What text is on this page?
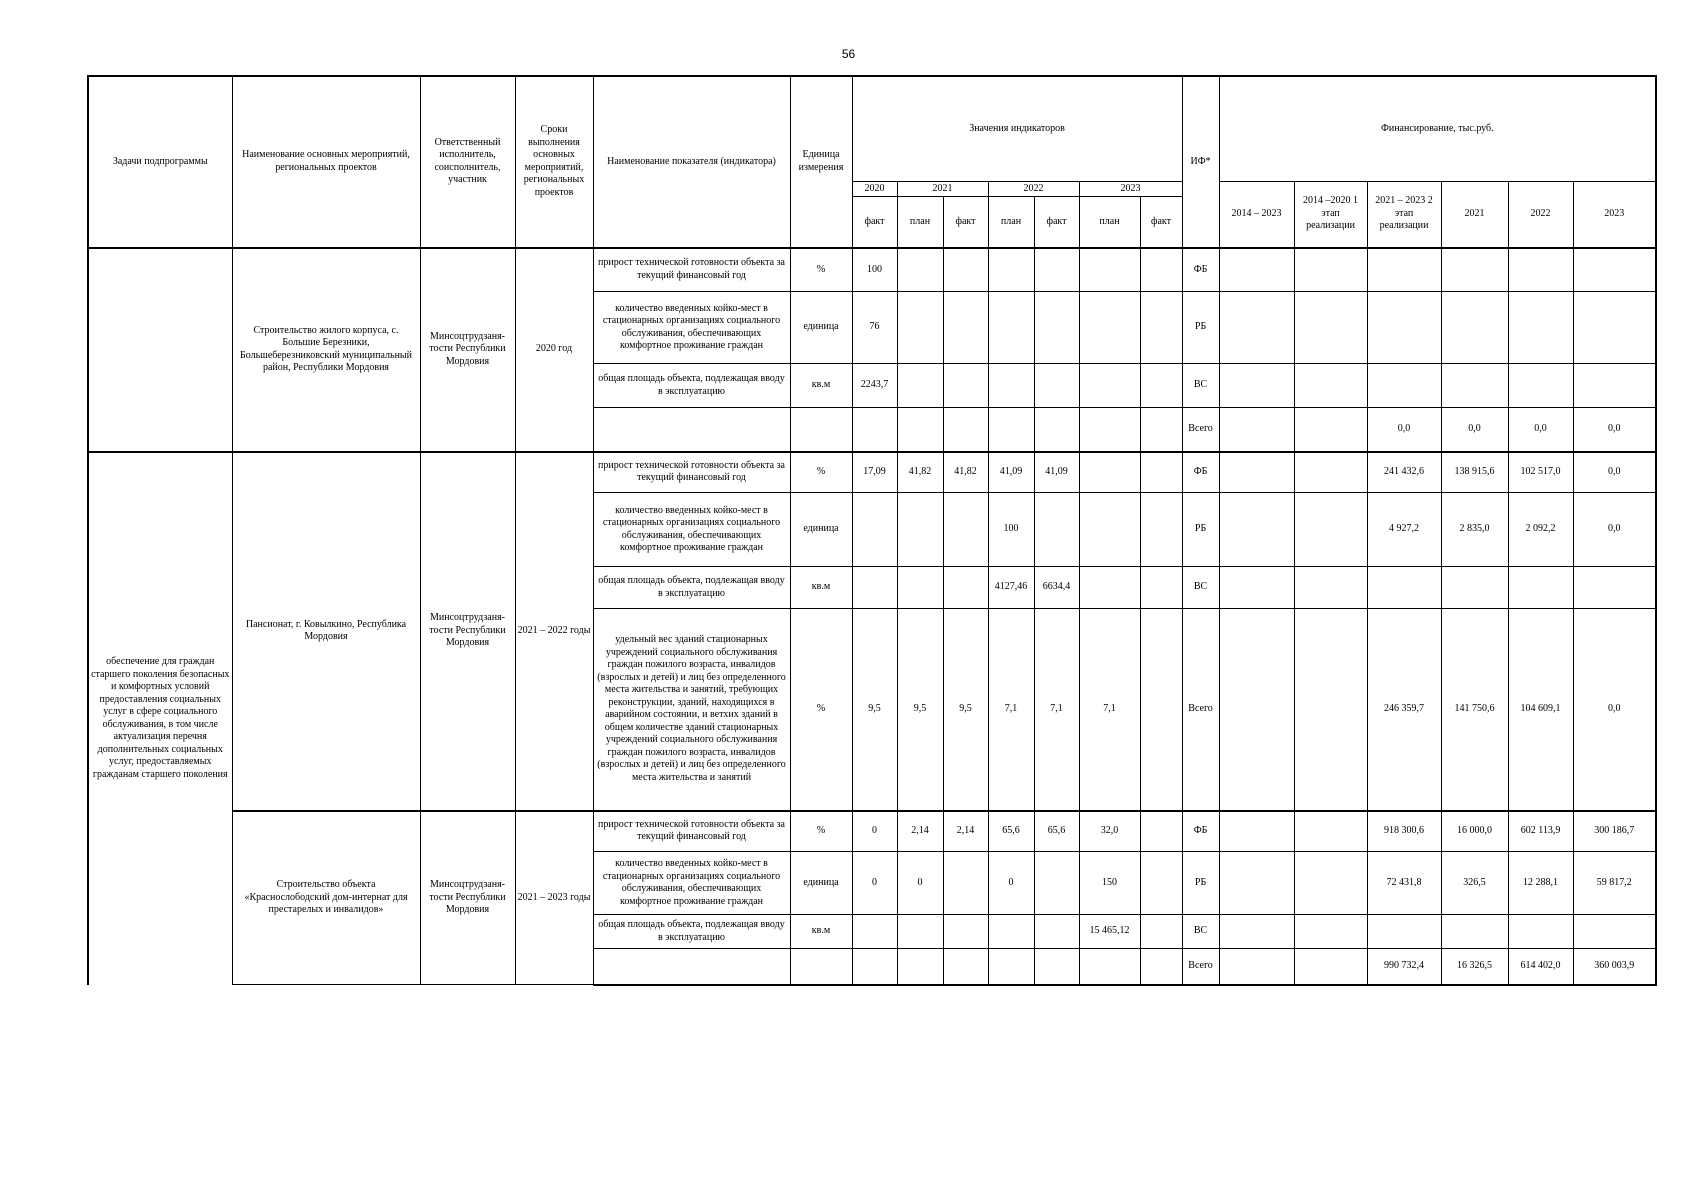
56
Задачи подпрограммы	Наименование основных мероприятий, региональных проектов	Ответственный исполнитель, соисполнитель, участник	Сроки выполнения основных мероприятий, региональных проектов	Наименование показателя (индикатора)	Единица измерения	Значения индикаторов							ИФ*	Финансирование, тыс.руб.					
						2020	2021		2022		2023			2014 – 2023	2014 –2020 1 этап реализации	2021 – 2023 2 этап реализации	2021	2022	2023
						факт	план	факт	план	факт	план	факт							
	Строительство жилого корпуса, с. Большие Березники, Большеберезниковский муниципальный район, Республики Мордовия	Минсоцтрудзаня-тости Республики Мордовия	2020 год	прирост технической готовности объекта за текущий финансовый год	%	100							ФБ						
				количество введенных койко-мест в стационарных организациях социального обслуживания, обеспечивающих комфортное проживание граждан	единица	76							РБ						
				общая площадь объекта, подлежащая вводу в эксплуатацию	кв.м	2243,7							ВС						
													Всего			0,0	0,0	0,0	0,0
обеспечение для граждан старшего поколения безопасных и комфортных условий предоставления социальных услуг в сфере социального обслуживания, в том числе актуализация перечня дополнительных социальных услуг, предоставляемых гражданам старшего поколения	Пансионат, г. Ковылкино, Республика Мордовия	Минсоцтрудзаня-тости Республики Мордовия	2021 – 2022 годы	прирост технической готовности объекта за текущий финансовый год	%	17,09	41,82	41,82	41,09	41,09			ФБ			241 432,6	138 915,6	102 517,0	0,0
				количество введенных койко-мест в стационарных организациях социального обслуживания, обеспечивающих комфортное проживание граждан	единица				100				РБ			4 927,2	2 835,0	2 092,2	0,0
				общая площадь объекта, подлежащая вводу в эксплуатацию	кв.м				4127,46	6634,4			ВС						
				удельный вес зданий стационарных учреждений социального обслуживания граждан пожилого возраста, инвалидов (взрослых и детей) и лиц без определенного места жительства и занятий, требующих реконструкции, зданий, находящихся в аварийном состоянии, и ветхих зданий в общем количестве зданий стационарных учреждений социального обслуживания граждан пожилого возраста, инвалидов (взрослых и детей) и лиц без определенного места жительства и занятий	%	9,5	9,5	9,5	7,1	7,1	7,1		Всего			246 359,7	141 750,6	104 609,1	0,0
	Строительство объекта «Краснослободский дом-интернат для престарелых и инвалидов»	Минсоцтрудзаня-тости Республики Мордовия	2021 – 2023 годы	прирост технической готовности объекта за текущий финансовый год	%	0	2,14	2,14	65,6	65,6	32,0		ФБ			918 300,6	16 000,0	602 113,9	300 186,7
				количество введенных койко-мест в стационарных организациях социального обслуживания, обеспечивающих комфортное проживание граждан	единица	0	0		0		150		РБ			72 431,8	326,5	12 288,1	59 817,2
				общая площадь объекта, подлежащая вводу в эксплуатацию	кв.м						15 465,12		ВС						
													Всего			990 732,4	16 326,5	614 402,0	360 003,9
